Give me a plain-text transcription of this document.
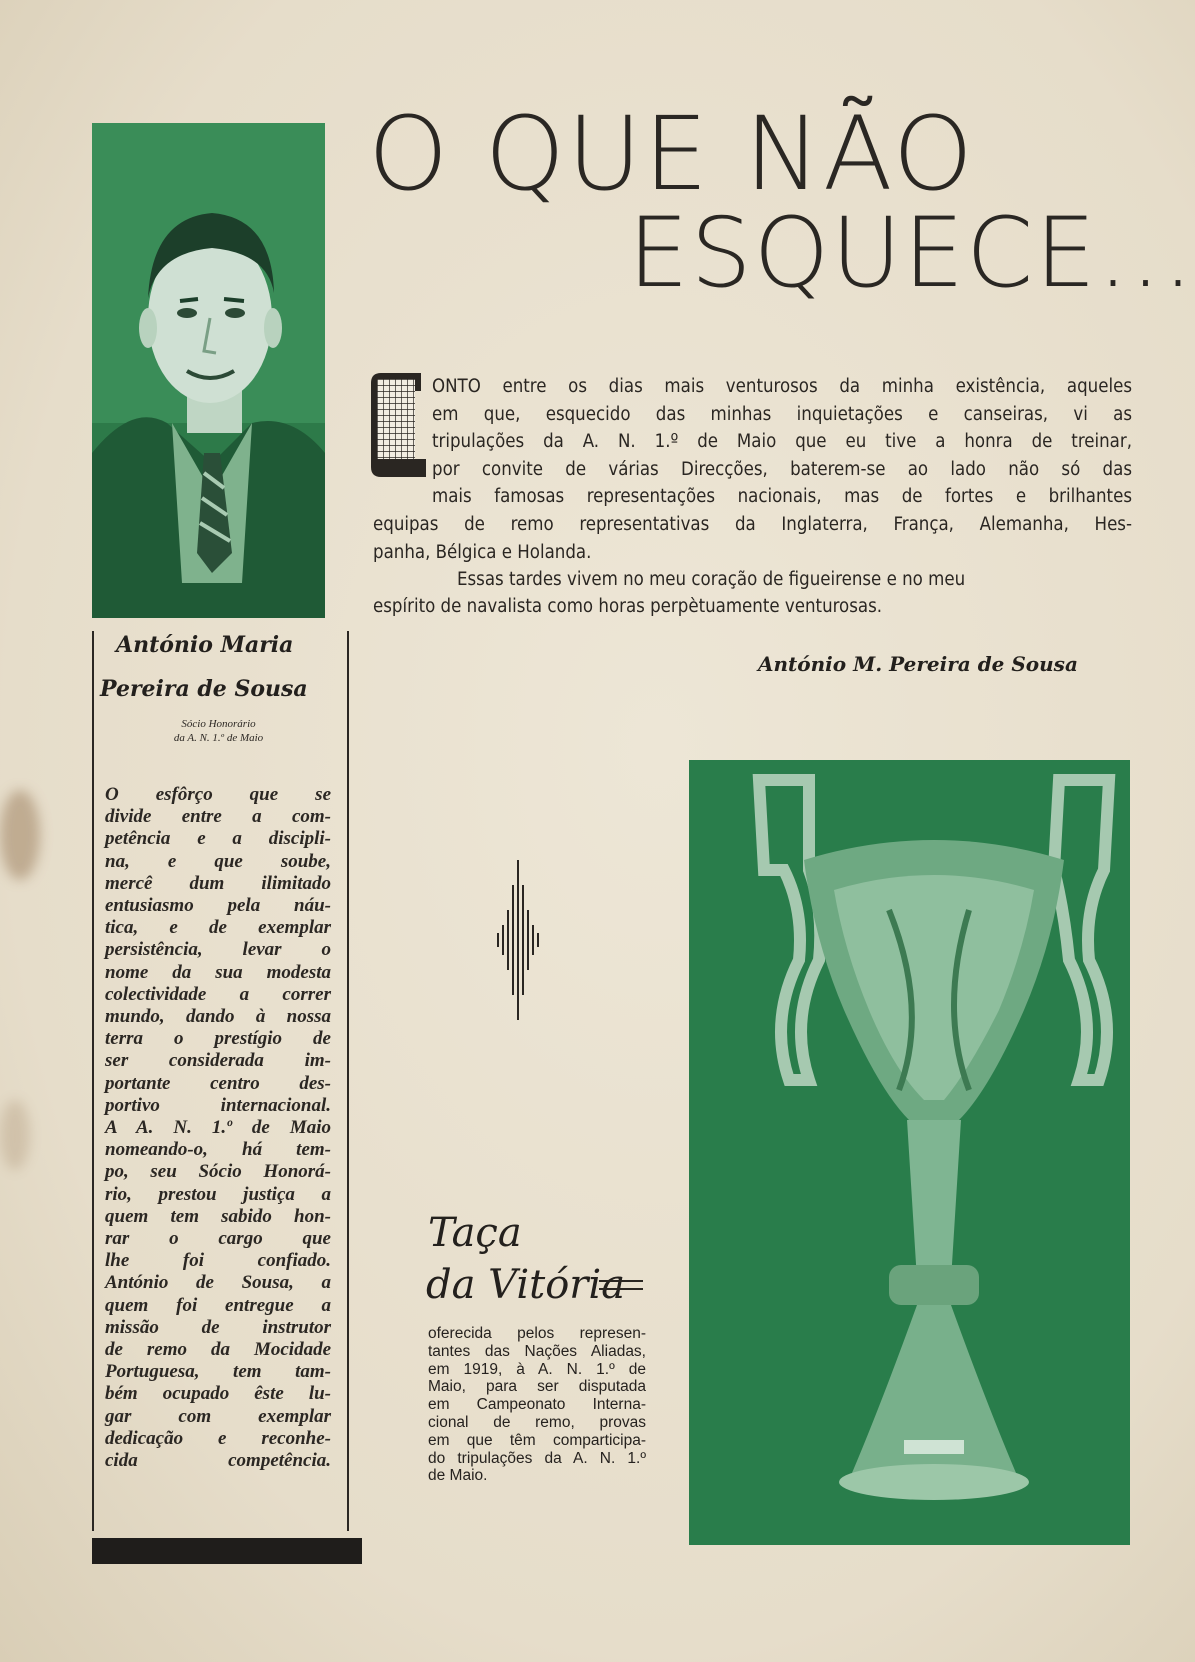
O QUE NÃO
ESQUECE...
António Maria
Pereira de Sousa
Sócio Honorário
da A. N. 1.º de Maio
O esfôrço que se
divide entre a com-
petência e a discipli-
na, e que soube,
mercê dum ilimitado
entusiasmo pela náu-
tica, e de exemplar
persistência, levar o
nome da sua modesta
colectividade a correr
mundo, dando à nossa
terra o prestígio de
ser considerada im-
portante centro des-
portivo internacional.
A A. N. 1.º de Maio
nomeando-o, há tem-
po, seu Sócio Honorá-
rio, prestou justiça a
quem tem sabido hon-
rar o cargo que
lhe foi confiado.
António de Sousa, a
quem foi entregue a
missão de instrutor
de remo da Mocidade
Portuguesa, tem tam-
bém ocupado êste lu-
gar com exemplar
dedicação e reconhe-
cida competência.
ONTO entre os dias mais venturosos da minha existência, aqueles
em que, esquecido das minhas inquietações e canseiras, vi as
tripulações da A. N. 1.º de Maio que eu tive a honra de treinar,
por convite de várias Direcções, baterem-se ao lado não só das
mais famosas representações nacionais, mas de fortes e brilhantes
equipas de remo representativas da Inglaterra, França, Alemanha, Hes-
panha, Bélgica e Holanda.
Essas tardes vivem no meu coração de figueirense e no meu
espírito de navalista como horas perpètuamente venturosas.
António M. Pereira de Sousa
Taça
da Vitória
oferecida pelos represen-
tantes das Nações Aliadas,
em 1919, à A. N. 1.º de
Maio, para ser disputada
em Campeonato Interna-
cional de remo, provas
em que têm comparticipa-
do tripulações da A. N. 1.º
de Maio.
